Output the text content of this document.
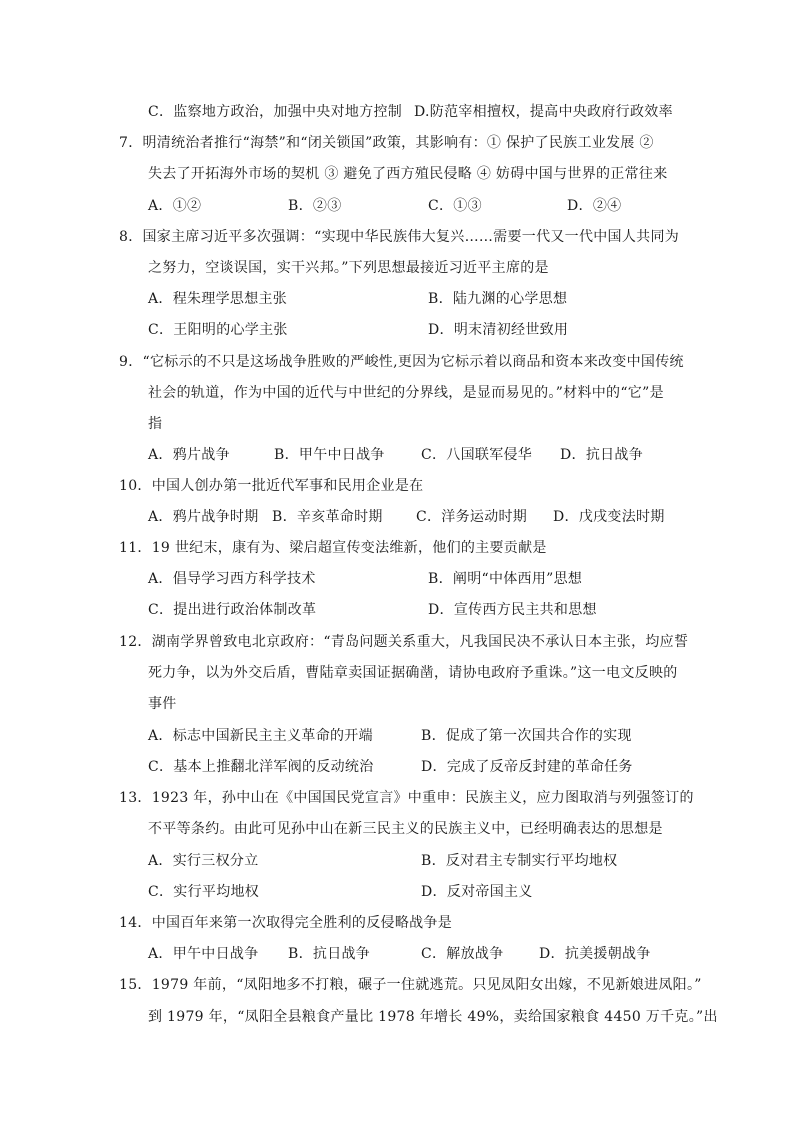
C．监察地方政治，加强中央对地方控制 D.防范宰相擅权，提高中央政府行政效率
7．明清统治者推行“海禁”和“闭关锁国”政策，其影响有：① 保护了民族工业发展 ②
失去了开拓海外市场的契机 ③ 避免了西方殖民侵略 ④ 妨碍中国与世界的正常往来
A．①②	B．②③	C．①③	D．②④
8．国家主席习近平多次强调：“实现中华民族伟大复兴……需要一代又一代中国人共同为
之努力，空谈误国，实干兴邦。”下列思想最接近习近平主席的是
A．程朱理学思想主张	B．陆九渊的心学思想
C．王阳明的心学主张	D．明末清初经世致用
9．“它标示的不只是这场战争胜败的严峻性,更因为它标示着以商品和资本来改变中国传统
社会的轨道，作为中国的近代与中世纪的分界线，是显而易见的。”材料中的“它”是
指
A．鸦片战争	B．甲午中日战争	C．八国联军侵华 D．抗日战争
10．中国人创办第一批近代军事和民用企业是在
A．鸦片战争时期 B．辛亥革命时期 C．洋务运动时期 D．戊戌变法时期
11．19 世纪末，康有为、梁启超宣传变法维新，他们的主要贡献是
A．倡导学习西方科学技术	B．阐明“中体西用”思想
C．提出进行政治体制改革	D．宣传西方民主共和思想
12．湖南学界曾致电北京政府：“青岛问题关系重大，凡我国民决不承认日本主张，均应誓
死力争，以为外交后盾，曹陆章卖国证据确凿，请协电政府予重诛。”这一电文反映的
事件
A．标志中国新民主主义革命的开端	B．促成了第一次国共合作的实现
C．基本上推翻北洋军阀的反动统治	D．完成了反帝反封建的革命任务
13．1923 年，孙中山在《中国国民党宣言》中重申：民族主义，应力图取消与列强签订的
不平等条约。由此可见孙中山在新三民主义的民族主义中，已经明确表达的思想是
A．实行三权分立	B．反对君主专制实行平均地权
C．实行平均地权	D．反对帝国主义
14．中国百年来第一次取得完全胜利的反侵略战争是
A．甲午中日战争 B．抗日战争	C．解放战争	D．抗美援朝战争
15．1979 年前，“凤阳地多不打粮，碾子一住就逃荒。只见凤阳女出嫁，不见新娘进凤阳。”
到 1979 年，“凤阳全县粮食产量比 1978 年增长 49%，卖给国家粮食 4450 万千克。”出
